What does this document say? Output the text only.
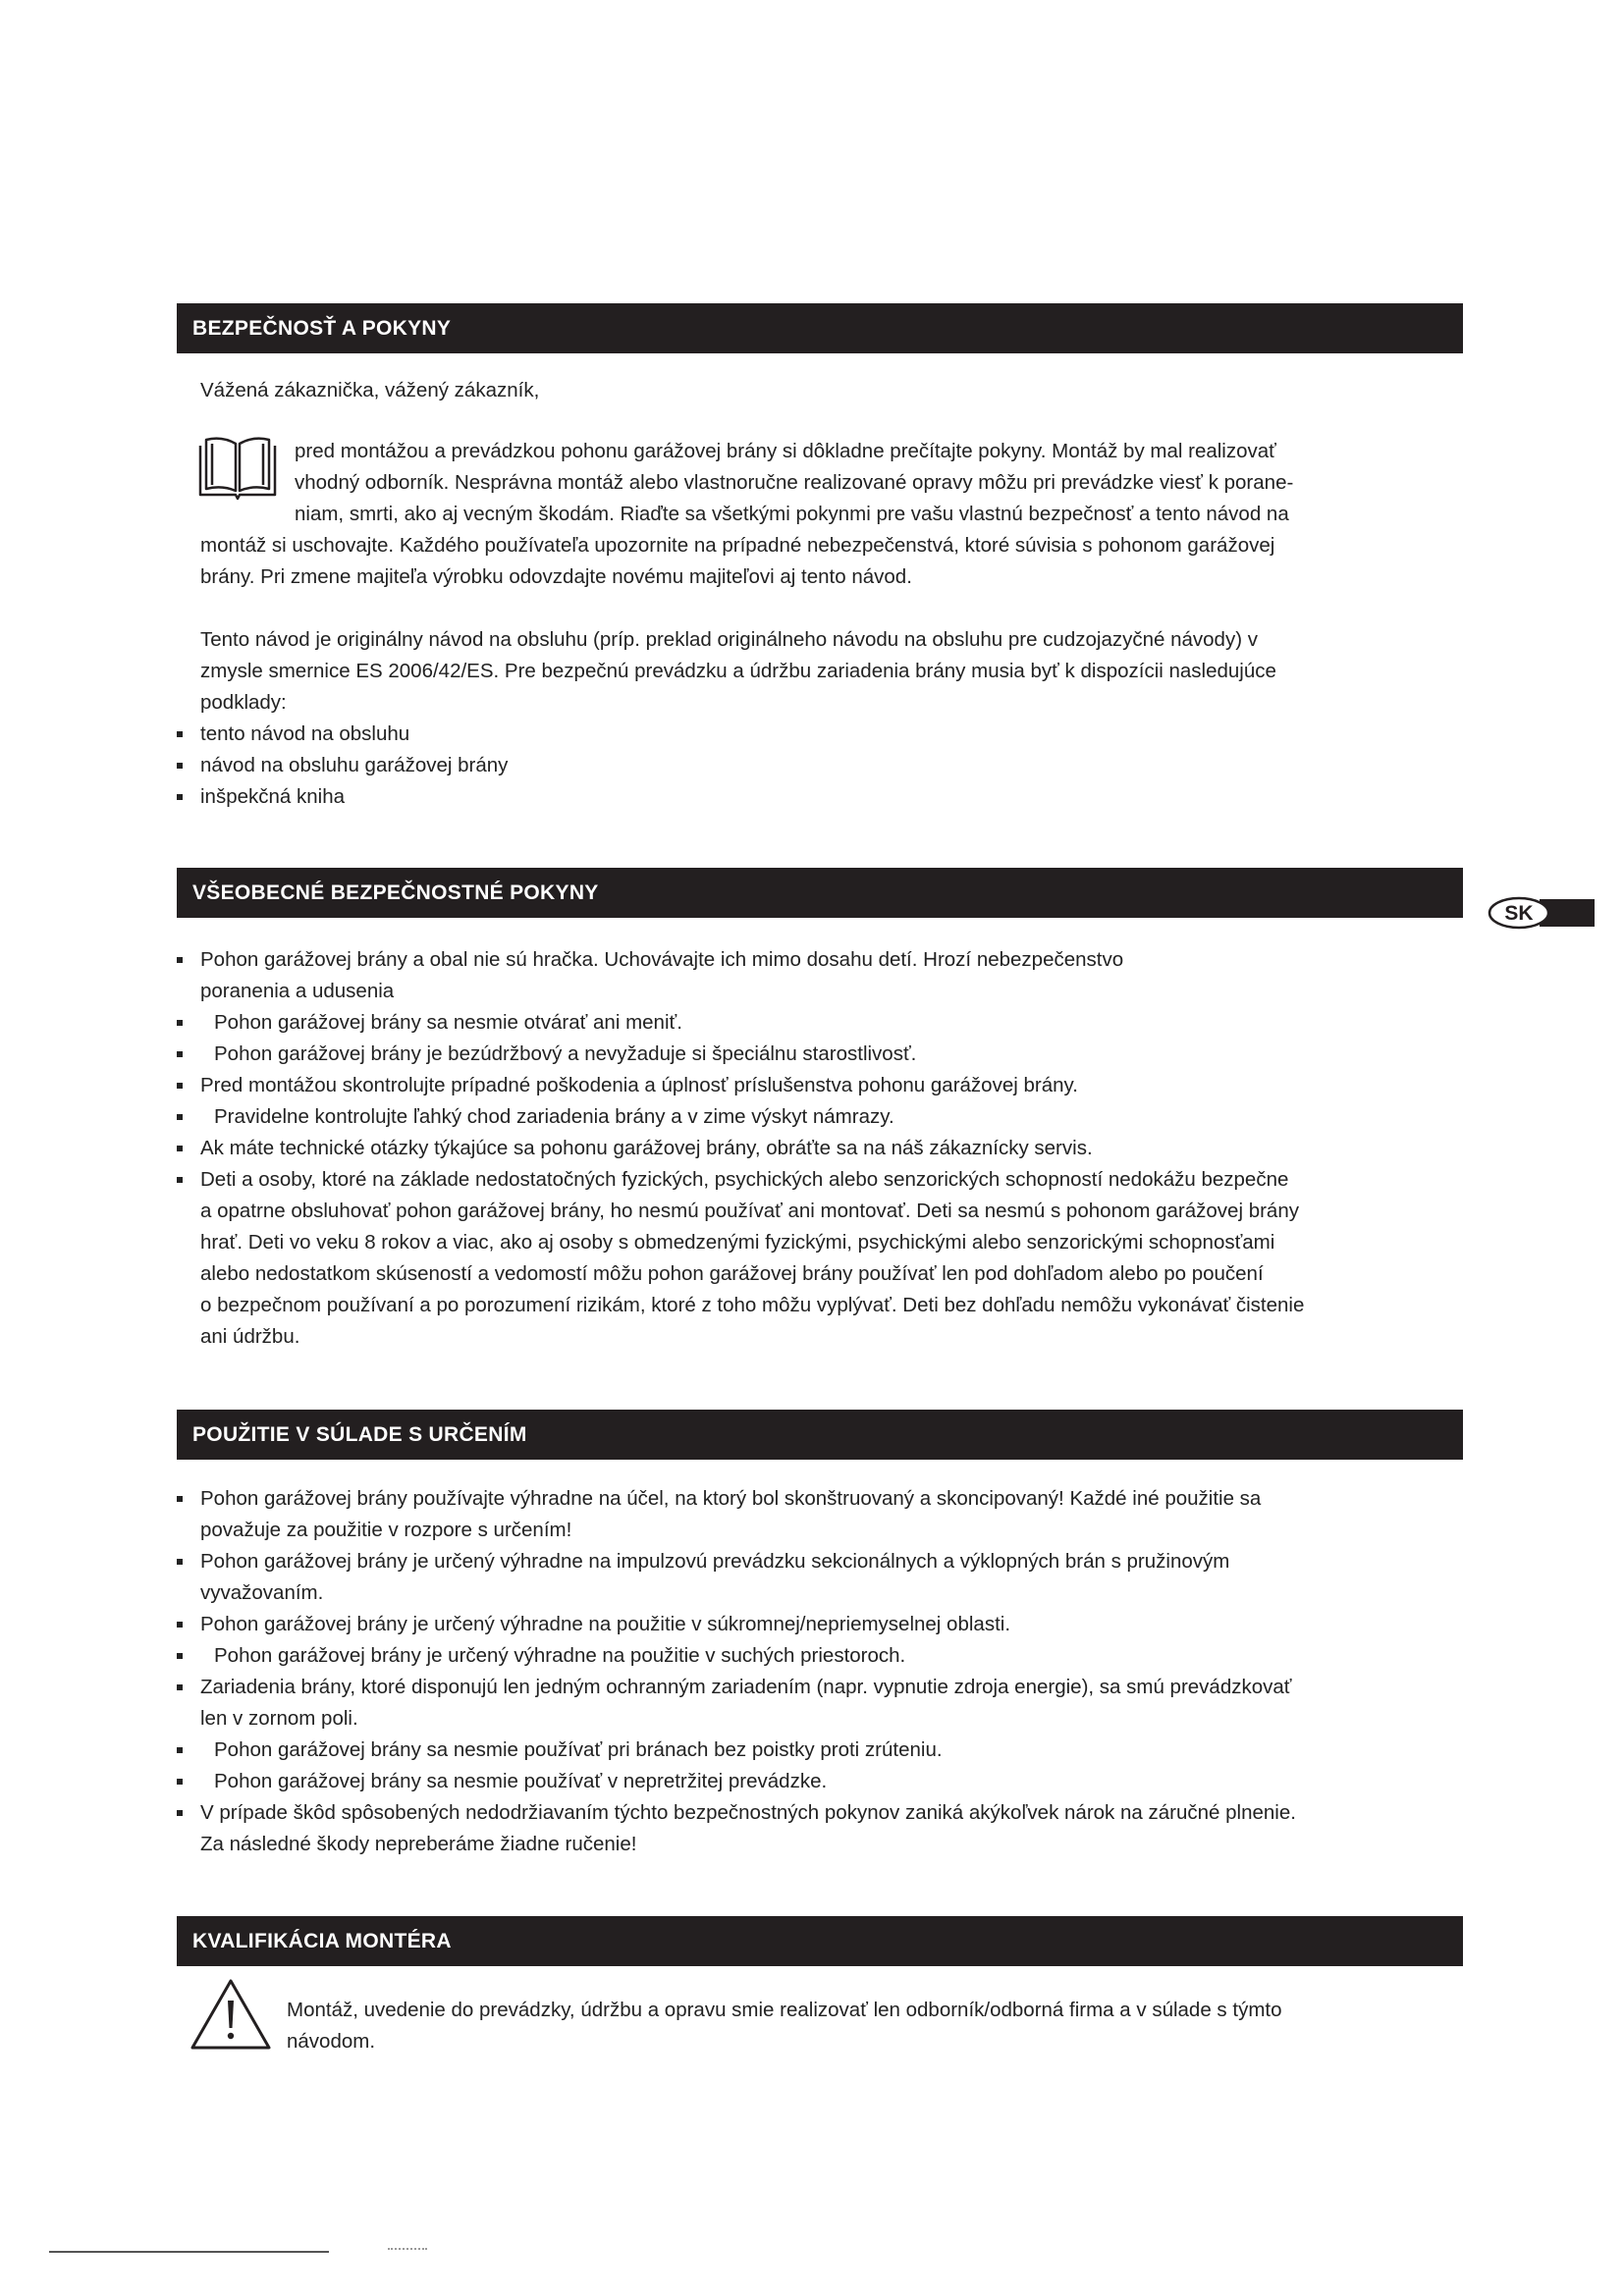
BEZPEČNOSŤ A POKYNY
Vážená zákaznička, vážený zákazník,
pred montážou a prevádzkou pohonu garážovej brány si dôkladne prečítajte pokyny. Montáž by mal realizovať
vhodný odborník. Nesprávna montáž alebo vlastnoručne realizované opravy môžu pri prevádzke viesť k porane-
niam, smrti, ako aj vecným škodám. Riaďte sa všetkými pokynmi pre vašu vlastnú bezpečnosť a tento návod na
montáž si uschovajte. Každého používateľa upozornite na prípadné nebezpečenstvá, ktoré súvisia s pohonom garážovej
brány. Pri zmene majiteľa výrobku odovzdajte novému majiteľovi aj tento návod.
Tento návod je originálny návod na obsluhu (príp. preklad originálneho návodu na obsluhu pre cudzojazyčné návody) v
zmysle smernice ES 2006/42/ES. Pre bezpečnú prevádzku a údržbu zariadenia brány musia byť k dispozícii nasledujúce
podklady:
tento návod na obsluhu
návod na obsluhu garážovej brány
inšpekčná kniha
VŠEOBECNÉ BEZPEČNOSTNÉ POKYNY
SK
Pohon garážovej brány a obal nie sú hračka. Uchovávajte ich mimo dosahu detí. Hrozí nebezpečenstvo
poranenia a udusenia
Pohon garážovej brány sa nesmie otvárať ani meniť.
Pohon garážovej brány je bezúdržbový a nevyžaduje si špeciálnu starostlivosť.
Pred montážou skontrolujte prípadné poškodenia a úplnosť príslušenstva pohonu garážovej brány.
Pravidelne kontrolujte ľahký chod zariadenia brány a v zime výskyt námrazy.
Ak máte technické otázky týkajúce sa pohonu garážovej brány, obráťte sa na náš zákaznícky servis.
Deti a osoby, ktoré na základe nedostatočných fyzických, psychických alebo senzorických schopností nedokážu bezpečne
a opatrne obsluhovať pohon garážovej brány, ho nesmú používať ani montovať. Deti sa nesmú s pohonom garážovej brány
hrať. Deti vo veku 8 rokov a viac, ako aj osoby s obmedzenými fyzickými, psychickými alebo senzorickými schopnosťami
alebo nedostatkom skúseností a vedomostí môžu pohon garážovej brány používať len pod dohľadom alebo po poučení
o bezpečnom používaní a po porozumení rizikám, ktoré z toho môžu vyplývať. Deti bez dohľadu nemôžu vykonávať čistenie
ani údržbu.
POUŽITIE V SÚLADE S URČENÍM
Pohon garážovej brány používajte výhradne na účel, na ktorý bol skonštruovaný a skoncipovaný! Každé iné použitie sa
považuje za použitie v rozpore s určením!
Pohon garážovej brány je určený výhradne na impulzovú prevádzku sekcionálnych a výklopných brán s pružinovým
vyvažovaním.
Pohon garážovej brány je určený výhradne na použitie v súkromnej/nepriemyselnej oblasti.
Pohon garážovej brány je určený výhradne na použitie v suchých priestoroch.
Zariadenia brány, ktoré disponujú len jedným ochranným zariadením (napr. vypnutie zdroja energie), sa smú prevádzkovať
len v zornom poli.
Pohon garážovej brány sa nesmie používať pri bránach bez poistky proti zrúteniu.
Pohon garážovej brány sa nesmie používať v nepretržitej prevádzke.
V prípade škôd spôsobených nedodržiavaním týchto bezpečnostných pokynov zaniká akýkoľvek nárok na záručné plnenie.
Za následné škody nepreberáme žiadne ručenie!
KVALIFIKÁCIA MONTÉRA
Montáž, uvedenie do prevádzky, údržbu a opravu smie realizovať len odborník/odborná firma a v súlade s týmto
návodom.
